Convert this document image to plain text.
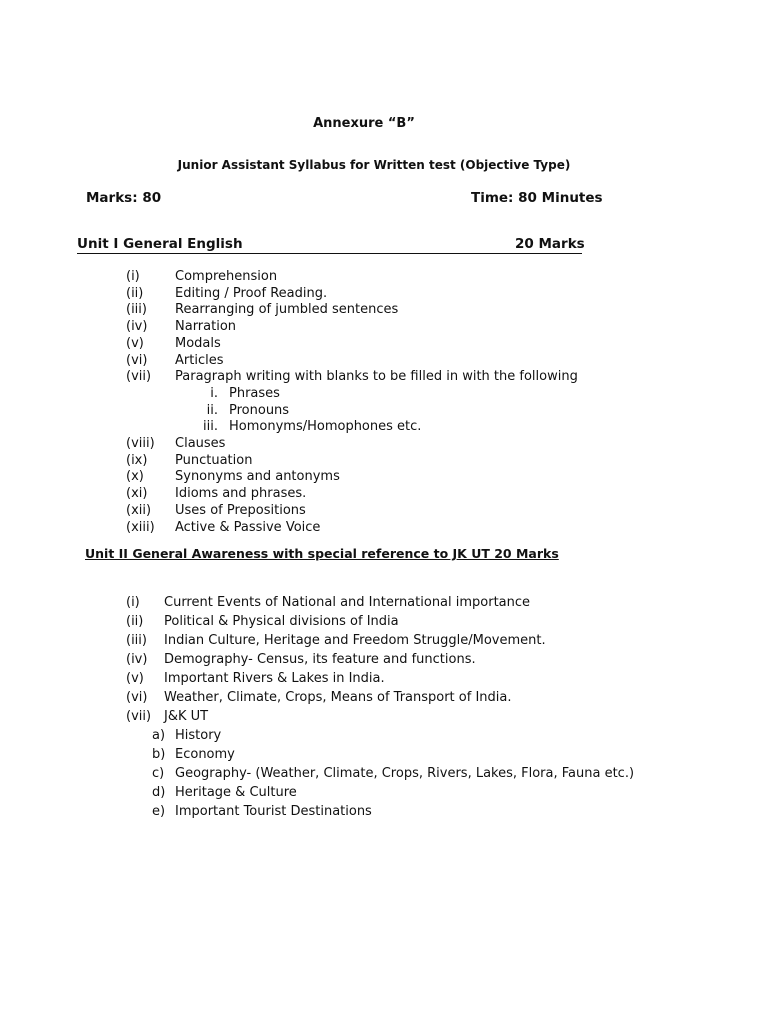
Annexure “B”
Junior Assistant Syllabus for Written test (Objective Type)
Marks: 80	Time: 80 Minutes
Unit I General English	20 Marks
(i)	Comprehension
(ii)	Editing / Proof Reading.
(iii)	Rearranging of jumbled sentences
(iv)	Narration
(v)	Modals
(vi)	Articles
(vii)	Paragraph writing with blanks to be filled in with the following
i. Phrases
ii. Pronouns
iii. Homonyms/Homophones etc.
(viii)	Clauses
(ix)	Punctuation
(x)	Synonyms and antonyms
(xi)	Idioms and phrases.
(xii)	Uses of Prepositions
(xiii)	Active & Passive Voice
Unit II General Awareness with special reference to JK UT 20 Marks
(i)	Current Events of National and International importance
(ii)	Political & Physical divisions of India
(iii)	Indian Culture, Heritage and Freedom Struggle/Movement.
(iv)	Demography- Census, its feature and functions.
(v)	Important Rivers & Lakes in India.
(vi)	Weather, Climate, Crops, Means of Transport of India.
(vii) J&K UT
a) History
b) Economy
c) Geography- (Weather, Climate, Crops, Rivers, Lakes, Flora, Fauna etc.)
d) Heritage & Culture
e) Important Tourist Destinations
